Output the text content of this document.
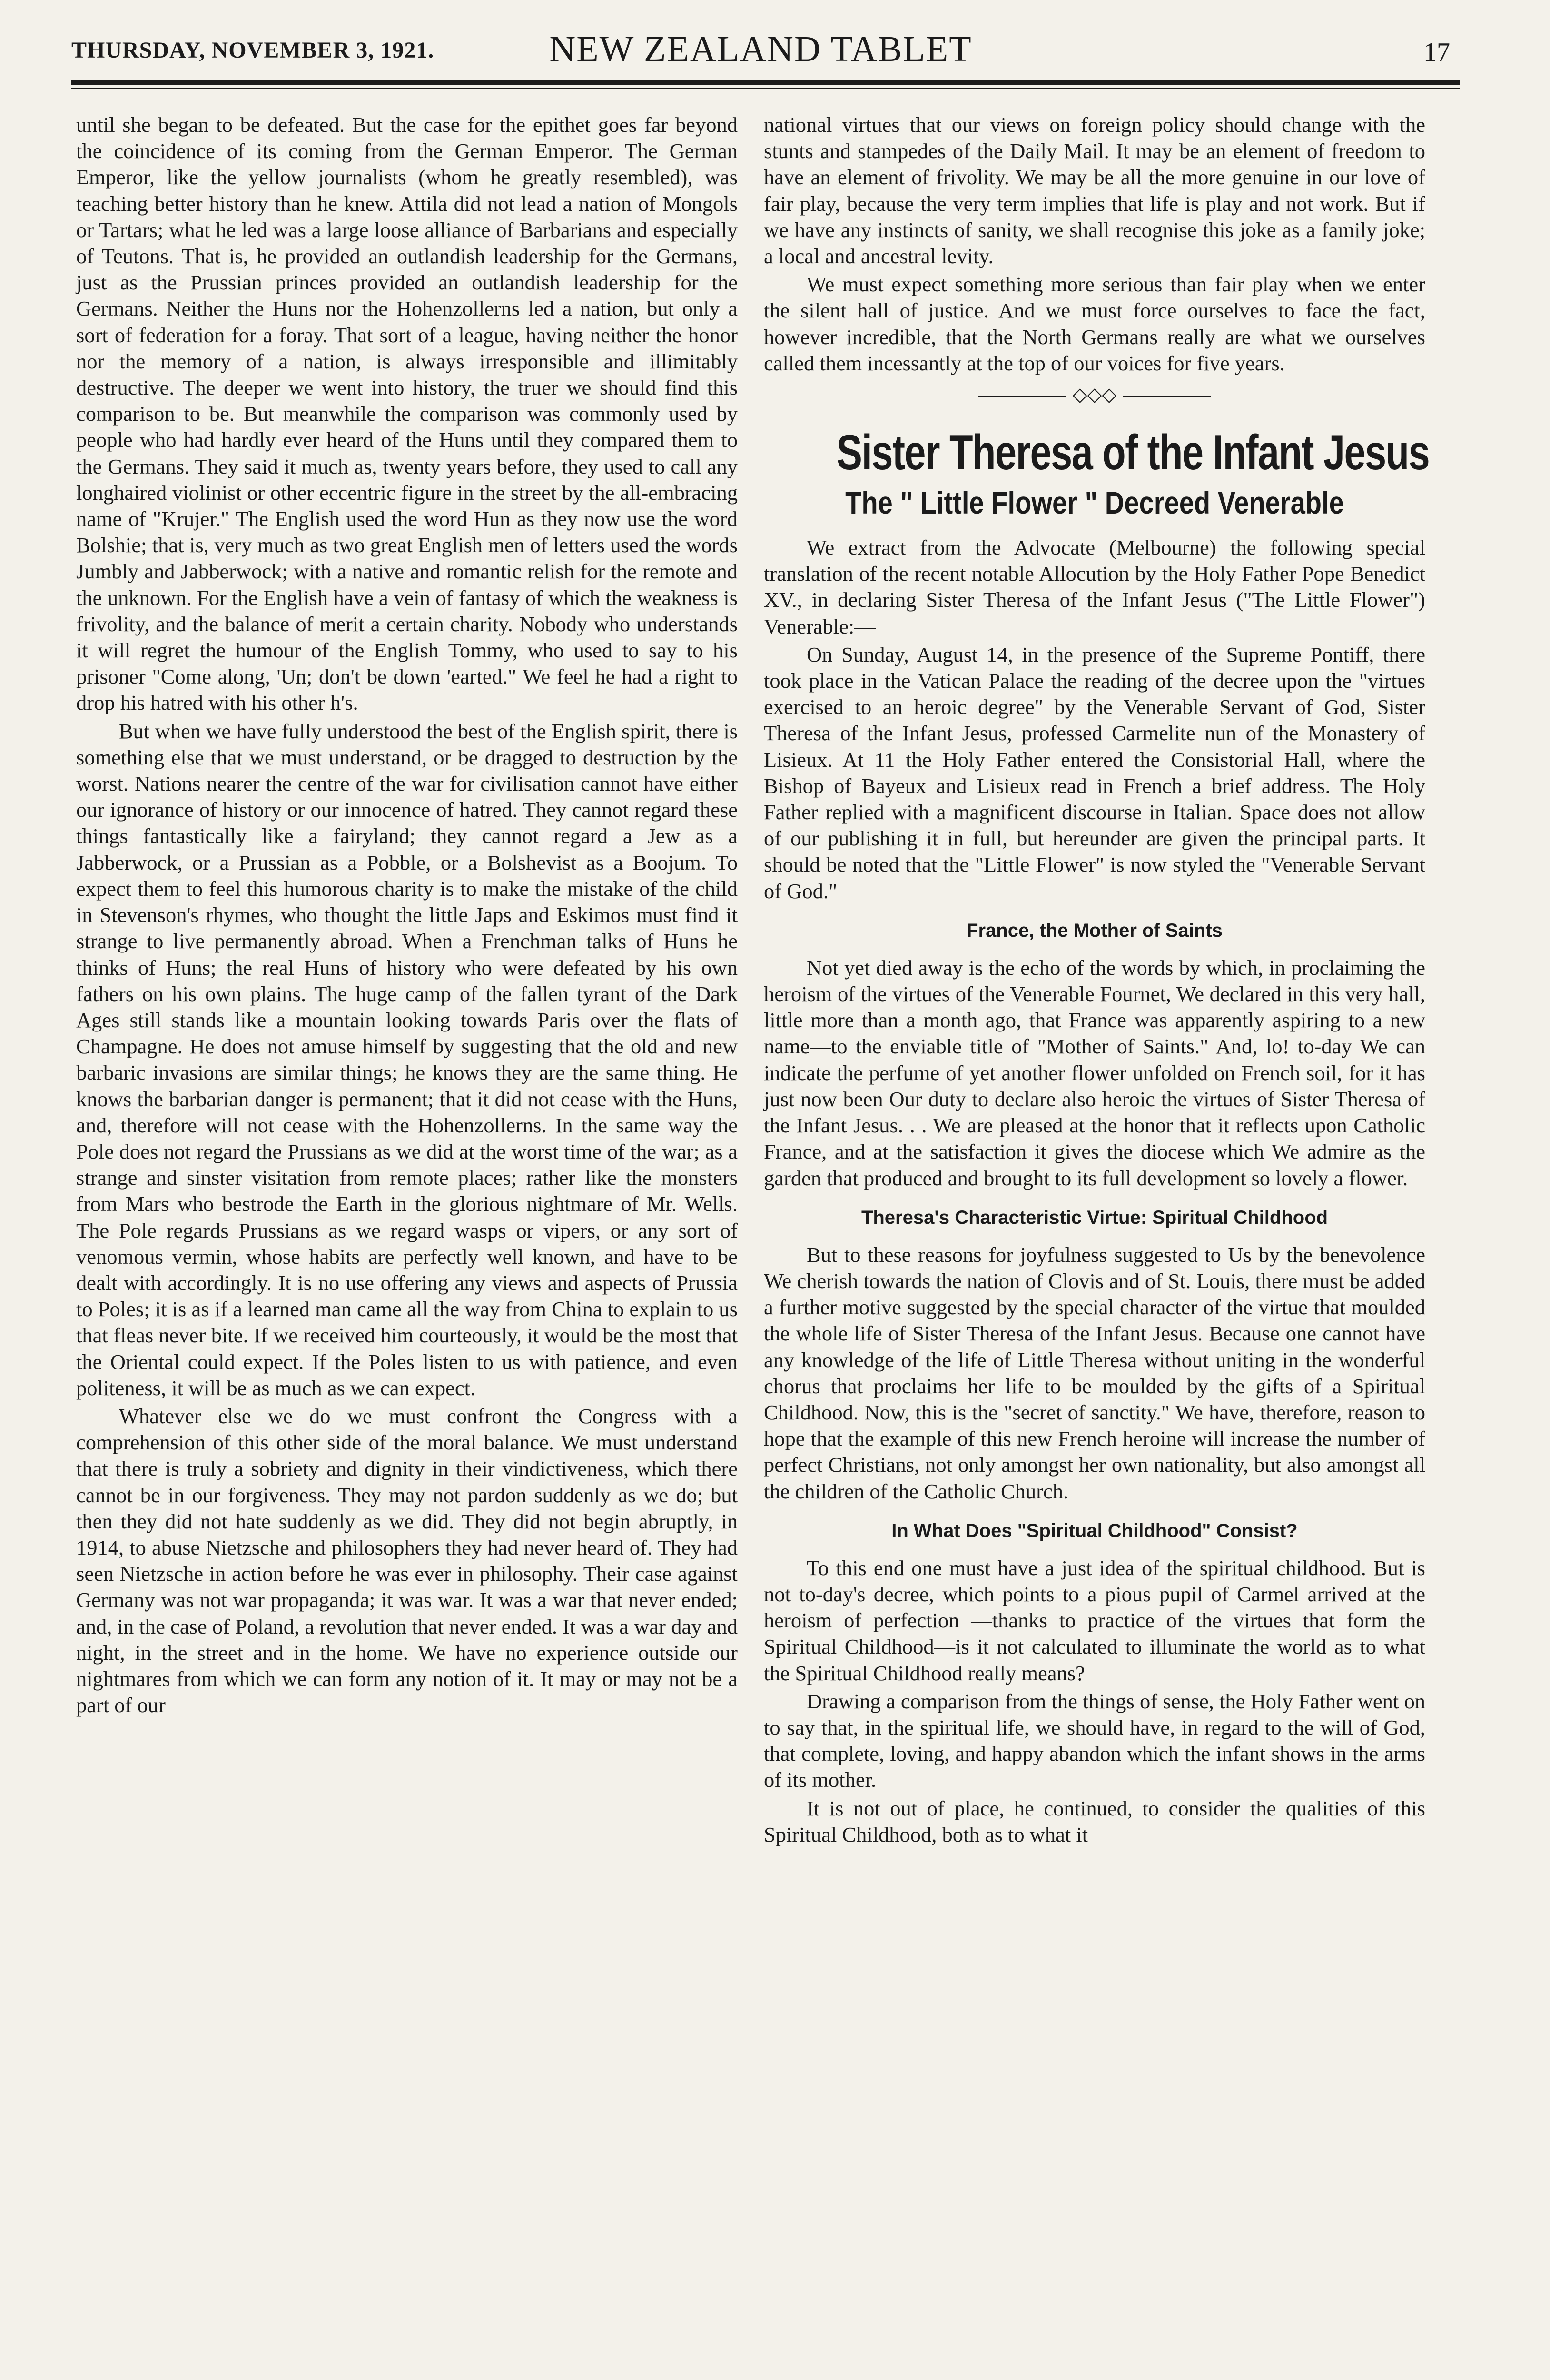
THURSDAY, NOVEMBER 3, 1921.	NEW ZEALAND TABLET	17

until she began to be defeated. But the case for the epithet goes far beyond the coincidence of its coming from the German Emperor. The German Emperor, like the yellow journalists (whom he greatly resembled), was teaching better history than he knew. Attila did not lead a nation of Mongols or Tartars; what he led was a large loose alliance of Barbarians and especially of Teutons. That is, he provided an outlandish leadership for the Germans, just as the Prussian princes provided an outlandish leadership for the Germans. Neither the Huns nor the Hohenzollerns led a nation, but only a sort of federation for a foray. That sort of a league, having neither the honor nor the memory of a nation, is always irresponsible and illimitably destructive. The deeper we went into history, the truer we should find this comparison to be. But meanwhile the comparison was commonly used by people who had hardly ever heard of the Huns until they compared them to the Germans. They said it much as, twenty years before, they used to call any longhaired violinist or other eccentric figure in the street by the all-embracing name of "Krujer." The English used the word Hun as they now use the word Bolshie; that is, very much as two great English men of letters used the words Jumbly and Jabberwock; with a native and romantic relish for the remote and the unknown. For the English have a vein of fantasy of which the weakness is frivolity, and the balance of merit a certain charity. Nobody who understands it will regret the humour of the English Tommy, who used to say to his prisoner "Come along, 'Un; don't be down 'earted." We feel he had a right to drop his hatred with his other h's.

But when we have fully understood the best of the English spirit, there is something else that we must understand, or be dragged to destruction by the worst. Nations nearer the centre of the war for civilisation cannot have either our ignorance of history or our innocence of hatred. They cannot regard these things fantastically like a fairyland; they cannot regard a Jew as a Jabberwock, or a Prussian as a Pobble, or a Bolshevist as a Boojum. To expect them to feel this humorous charity is to make the mistake of the child in Stevenson's rhymes, who thought the little Japs and Eskimos must find it strange to live permanently abroad. When a Frenchman talks of Huns he thinks of Huns; the real Huns of history who were defeated by his own fathers on his own plains. The huge camp of the fallen tyrant of the Dark Ages still stands like a mountain looking towards Paris over the flats of Champagne. He does not amuse himself by suggesting that the old and new barbaric invasions are similar things; he knows they are the same thing. He knows the barbarian danger is permanent; that it did not cease with the Huns, and, therefore will not cease with the Hohenzollerns. In the same way the Pole does not regard the Prussians as we did at the worst time of the war; as a strange and sinster visitation from remote places; rather like the monsters from Mars who bestrode the Earth in the glorious nightmare of Mr. Wells. The Pole regards Prussians as we regard wasps or vipers, or any sort of venomous vermin, whose habits are perfectly well known, and have to be dealt with accordingly. It is no use offering any views and aspects of Prussia to Poles; it is as if a learned man came all the way from China to explain to us that fleas never bite. If we received him courteously, it would be the most that the Oriental could expect. If the Poles listen to us with patience, and even politeness, it will be as much as we can expect.

Whatever else we do we must confront the Congress with a comprehension of this other side of the moral balance. We must understand that there is truly a sobriety and dignity in their vindictiveness, which there cannot be in our forgiveness. They may not pardon suddenly as we do; but then they did not hate suddenly as we did. They did not begin abruptly, in 1914, to abuse Nietzsche and philosophers they had never heard of. They had seen Nietzsche in action before he was ever in philosophy. Their case against Germany was not war propaganda; it was war. It was a war that never ended; and, in the case of Poland, a revolution that never ended. It was a war day and night, in the street and in the home. We have no experience outside our nightmares from which we can form any notion of it. It may or may not be a part of our

national virtues that our views on foreign policy should change with the stunts and stampedes of the Daily Mail. It may be an element of freedom to have an element of frivolity. We may be all the more genuine in our love of fair play, because the very term implies that life is play and not work. But if we have any instincts of sanity, we shall recognise this joke as a family joke; a local and ancestral levity.

We must expect something more serious than fair play when we enter the silent hall of justice. And we must force ourselves to face the fact, however incredible, that the North Germans really are what we ourselves called them incessantly at the top of our voices for five years.

◇◇◇
Sister Theresa of the Infant Jesus
The " Little Flower " Decreed Venerable

We extract from the Advocate (Melbourne) the following special translation of the recent notable Allocution by the Holy Father Pope Benedict XV., in declaring Sister Theresa of the Infant Jesus ("The Little Flower") Venerable:—

On Sunday, August 14, in the presence of the Supreme Pontiff, there took place in the Vatican Palace the reading of the decree upon the "virtues exercised to an heroic degree" by the Venerable Servant of God, Sister Theresa of the Infant Jesus, professed Carmelite nun of the Monastery of Lisieux. At 11 the Holy Father entered the Consistorial Hall, where the Bishop of Bayeux and Lisieux read in French a brief address. The Holy Father replied with a magnificent discourse in Italian. Space does not allow of our publishing it in full, but hereunder are given the principal parts. It should be noted that the "Little Flower" is now styled the "Venerable Servant of God."

France, the Mother of Saints

Not yet died away is the echo of the words by which, in proclaiming the heroism of the virtues of the Venerable Fournet, We declared in this very hall, little more than a month ago, that France was apparently aspiring to a new name—to the enviable title of "Mother of Saints." And, lo! to-day We can indicate the perfume of yet another flower unfolded on French soil, for it has just now been Our duty to declare also heroic the virtues of Sister Theresa of the Infant Jesus. . . We are pleased at the honor that it reflects upon Catholic France, and at the satisfaction it gives the diocese which We admire as the garden that produced and brought to its full development so lovely a flower.

Theresa's Characteristic Virtue: Spiritual Childhood

But to these reasons for joyfulness suggested to Us by the benevolence We cherish towards the nation of Clovis and of St. Louis, there must be added a further motive suggested by the special character of the virtue that moulded the whole life of Sister Theresa of the Infant Jesus. Because one cannot have any knowledge of the life of Little Theresa without uniting in the wonderful chorus that proclaims her life to be moulded by the gifts of a Spiritual Childhood. Now, this is the "secret of sanctity." We have, therefore, reason to hope that the example of this new French heroine will increase the number of perfect Christians, not only amongst her own nationality, but also amongst all the children of the Catholic Church.

In What Does "Spiritual Childhood" Consist?

To this end one must have a just idea of the spiritual childhood. But is not to-day's decree, which points to a pious pupil of Carmel arrived at the heroism of perfection —thanks to practice of the virtues that form the Spiritual Childhood—is it not calculated to illuminate the world as to what the Spiritual Childhood really means?

Drawing a comparison from the things of sense, the Holy Father went on to say that, in the spiritual life, we should have, in regard to the will of God, that complete, loving, and happy abandon which the infant shows in the arms of its mother.

It is not out of place, he continued, to consider the qualities of this Spiritual Childhood, both as to what it
